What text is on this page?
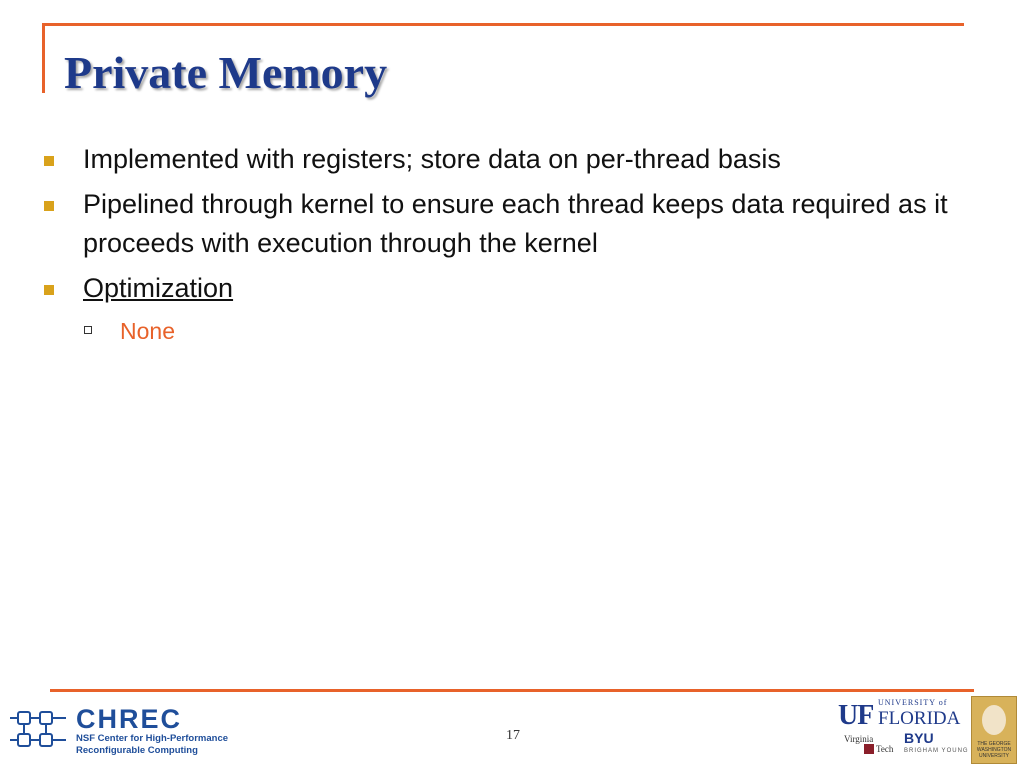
Private Memory
Implemented with registers; store data on per-thread basis
Pipelined through kernel to ensure each thread keeps data required as it proceeds with execution through the kernel
Optimization
None
CHREC
NSF Center for High-Performance
Reconfigurable Computing
17
UF UNIVERSITY of
FLORIDA
Virginia
Tech
BYU
BRIGHAM YOUNG
THE GEORGE WASHINGTON UNIVERSITY
